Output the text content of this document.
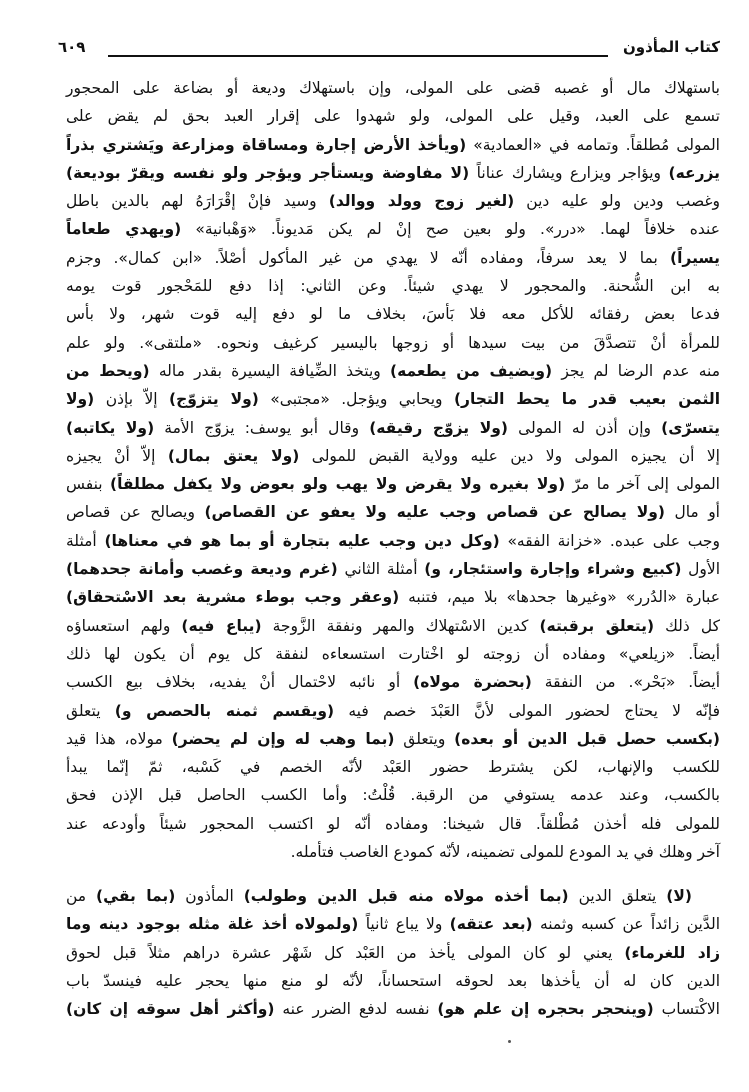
كتاب المأذون
٦٠٩
باستهلاك مال أو غصبه قضى على المولى، وإن باستهلاك وديعة أو بضاعة على المحجور
تسمع على العبد، وقيل على المولى، ولو شهدوا على إقرار العبد بحق لم يقض على
المولى مُطلقاً. وتمامه في «العمادية» (ويأخذ الأرض إجارة ومساقاة ومزارعة ويَشتري بذراً
يزرعه) ويؤاجر ويزارع ويشارك عناناً (لا مفاوضة ويستأجر ويؤجر ولو نفسه ويقرّ بوديعة)
وغصب ودين ولو عليه دين (لغير زوج وولد ووالد) وسيد فإنْ إقْرَارَهُ لهم بالدين باطل
عنده خلافاً لهما. «درر». ولو بعين صح إنْ لم يكن مَديوناً. «وَهْبانية» (ويهدي طعاماً
يسيراً) بما لا يعد سرفاً، ومفاده أنّه لا يهدي من غير المأكول أصْلاً. «ابن كمال». وجزم
به ابن الشُّحنة. والمحجور لا يهدي شيئاً. وعن الثاني: إذا دفع للمَحْجور قوت يومه
فدعا بعض رفقائه للأكل معه فلا بَأسَ، بخلاف ما لو دفع إليه قوت شهر، ولا بأس
للمرأة أنْ تتصدَّقَ من بيت سيدها أو زوجها باليسير كرغيف ونحوه. «ملتقى». ولو علم
منه عدم الرضا لم يجز (ويضيف من يطعمه) ويتخذ الضِّيافة اليسيرة بقدر ماله (ويحط من
الثمن بعيب قدر ما يحط التجار) ويحابي ويؤجل. «مجتبى» (ولا يتزوّج) إلاّ بإذن (ولا
يتسرّى) وإن أذن له المولى (ولا يزوّج رقيقه) وقال أبو يوسف: يزوّج الأمة (ولا يكاتبه)
إلا أن يجيزه المولى ولا دين عليه وولاية القبض للمولى (ولا يعتق بمال) إلاّ أنْ يجيزه
المولى إلى آخر ما مرّ (ولا بغيره ولا يقرض ولا يهب ولو بعوض ولا يكفل مطلقاً) بنفس
أو مال (ولا يصالح عن قصاص وجب عليه ولا يعفو عن القصاص) ويصالح عن قصاص
وجب على عبده. «خزانة الفقه» (وكل دين وجب عليه بتجارة أو بما هو في معناها) أمثلة
الأول (كبيع وشراء وإجارة واستئجار، و) أمثلة الثاني (غرم وديعة وغصب وأمانة جحدهما)
عبارة «الدُرر» «وغيرها جحدها» بلا ميم، فتنبه (وعقر وجب بوطء مشرية بعد الاسْتحقاق)
كل ذلك (يتعلق برقبته) كدين الاسْتهلاك والمهر ونفقة الزَّوجة (يباع فيه) ولهم استعساؤه
أيضاً. «زيلعي» ومفاده أن زوجته لو اخْتارت استسعاءه لنفقة كل يوم أن يكون لها ذلك
أيضاً. «بَحْر». من النفقة (بحضرة مولاه) أو نائبه لاحْتمال أنْ يفديه، بخلاف بيع الكسب
فإنّه لا يحتاج لحضور المولى لأنَّ العَبْدَ خصم فيه (ويقسم ثمنه بالحصص و) يتعلق
(بكسب حصل قبل الدين أو بعده) ويتعلق (بما وهب له وإن لم يحضر) مولاه، هذا قيد
للكسب والإنهاب، لكن يشترط حضور العَبْد لأنّه الخصم في كَسْبه، ثمّ إنّما يبدأ
بالكسب، وعند عدمه يستوفي من الرقبة. قُلْتُ: وأما الكسب الحاصل قبل الإذن فحق
للمولى فله أخذن مُطْلقاً. قال شيخنا: ومفاده أنّه لو اكتسب المحجور شيئاً وأودعه عند
آخر وهلك في يد المودع للمولى تضمينه، لأنّه كمودع الغاصب فتأمله.
(لا) يتعلق الدين (بما أخذه مولاه منه قبل الدين وطولب) المأذون (بما بقي) من
الدَّين زائداً عن كسبه وثمنه (بعد عتقه) ولا يباع ثانياً (ولمولاه أخذ غلة مثله بوجود دينه وما
زاد للغرماء) يعني لو كان المولى يأخذ من العَبْد كل شَهْر عشرة دراهم مثلاً قبل لحوق
الدين كان له أن يأخذها بعد لحوقه استحساناً، لأنّه لو منع منها يحجر عليه فينسدّ باب
الاكْتساب (وينحجر بحجره إن علم هو) نفسه لدفع الضرر عنه (وأكثر أهل سوقه إن كان)
